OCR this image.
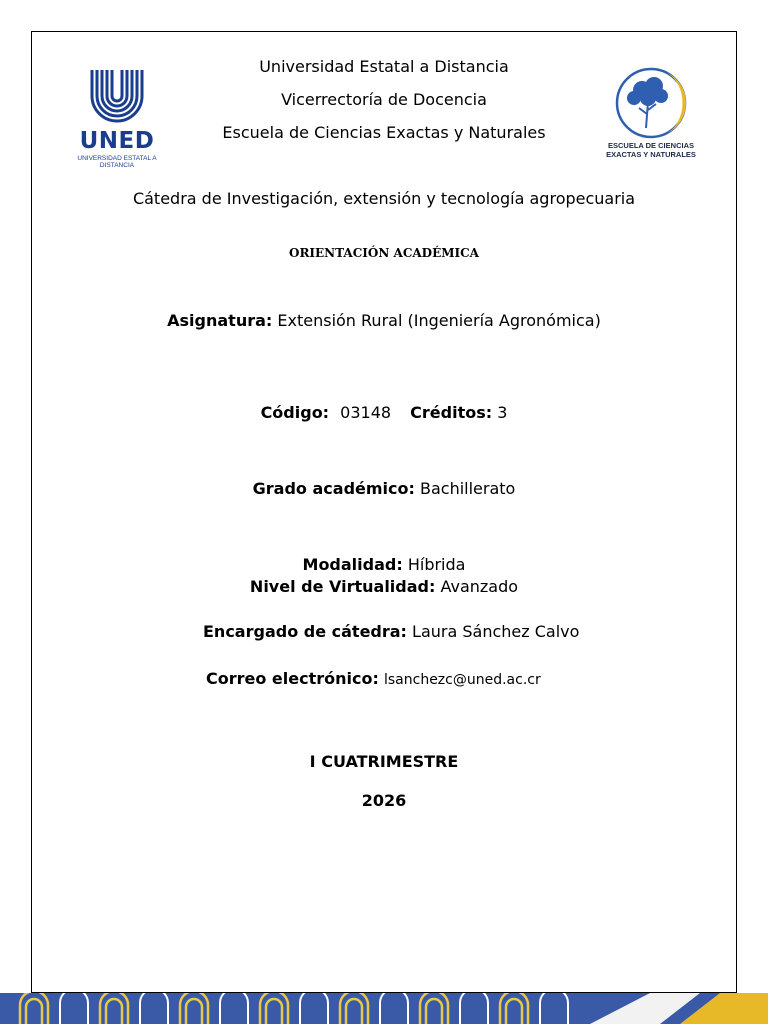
UNED
UNIVERSIDAD ESTATAL A DISTANCIA
ESCUELA DE CIENCIAS
EXACTAS Y NATURALES
Universidad Estatal a Distancia
Vicerrectoría de Docencia
Escuela de Ciencias Exactas y Naturales
Cátedra de Investigación, extensión y tecnología agropecuaria
ORIENTACIÓN ACADÉMICA
Asignatura: Extensión Rural (Ingeniería Agronómica)
Código: 03148 Créditos: 3
Grado académico: Bachillerato
Modalidad: Híbrida
Nivel de Virtualidad: Avanzado
Encargado de cátedra: Laura Sánchez Calvo
Correo electrónico: lsanchezc@uned.ac.cr
I CUATRIMESTRE
2026
